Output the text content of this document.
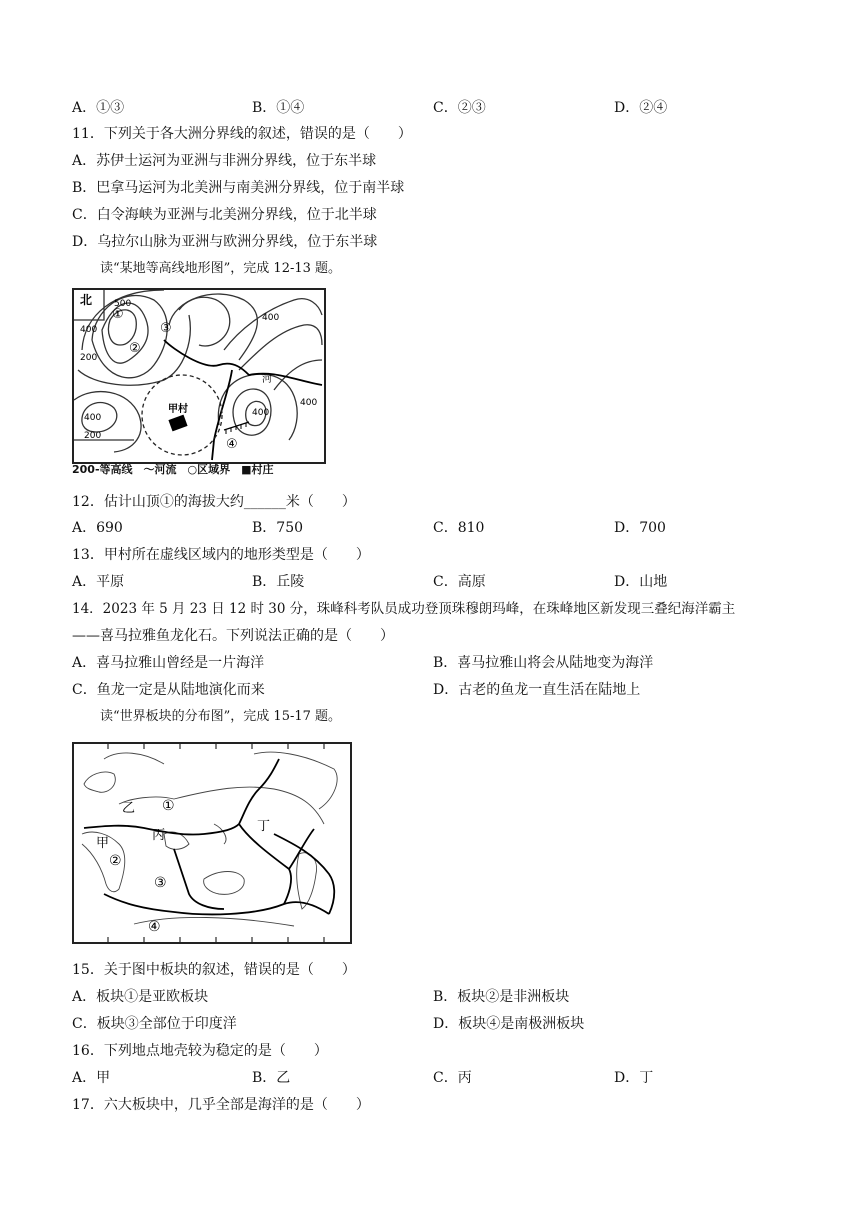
A．①③	B．①④	C．②③	D．②④
11．下列关于各大洲分界线的叙述，错误的是（　　）
A．苏伊士运河为亚洲与非洲分界线，位于东半球
B．巴拿马运河为北美洲与南美洲分界线，位于南半球
C．白令海峡为亚洲与北美洲分界线，位于北半球
D．乌拉尔山脉为亚洲与欧洲分界线，位于东半球
读“某地等高线地形图”，完成 12-13 题。
北
①
②
③
④
甲村
河
500
400
200
400
200
400
400
400
200-等高线　～河流　○区域界　■村庄
12．估计山顶①的海拔大约______米（　　）
A．690	B．750	C．810	D．700
13．甲村所在虚线区域内的地形类型是（　　）
A．平原	B．丘陵	C．高原	D．山地
14．2023 年 5 月 23 日 12 时 30 分，珠峰科考队员成功登顶珠穆朗玛峰，在珠峰地区新发现三叠纪海洋霸主
——喜马拉雅鱼龙化石。下列说法正确的是（　　）
A．喜马拉雅山曾经是一片海洋	B．喜马拉雅山将会从陆地变为海洋
C．鱼龙一定是从陆地演化而来	D．古老的鱼龙一直生活在陆地上
读“世界板块的分布图”，完成 15-17 题。
乙 ①
丙
丁
甲
②
③
④
15．关于图中板块的叙述，错误的是（　　）
A．板块①是亚欧板块	B．板块②是非洲板块
C．板块③全部位于印度洋	D．板块④是南极洲板块
16．下列地点地壳较为稳定的是（　　）
A．甲	B．乙	C．丙	D．丁
17．六大板块中，几乎全部是海洋的是（　　）
